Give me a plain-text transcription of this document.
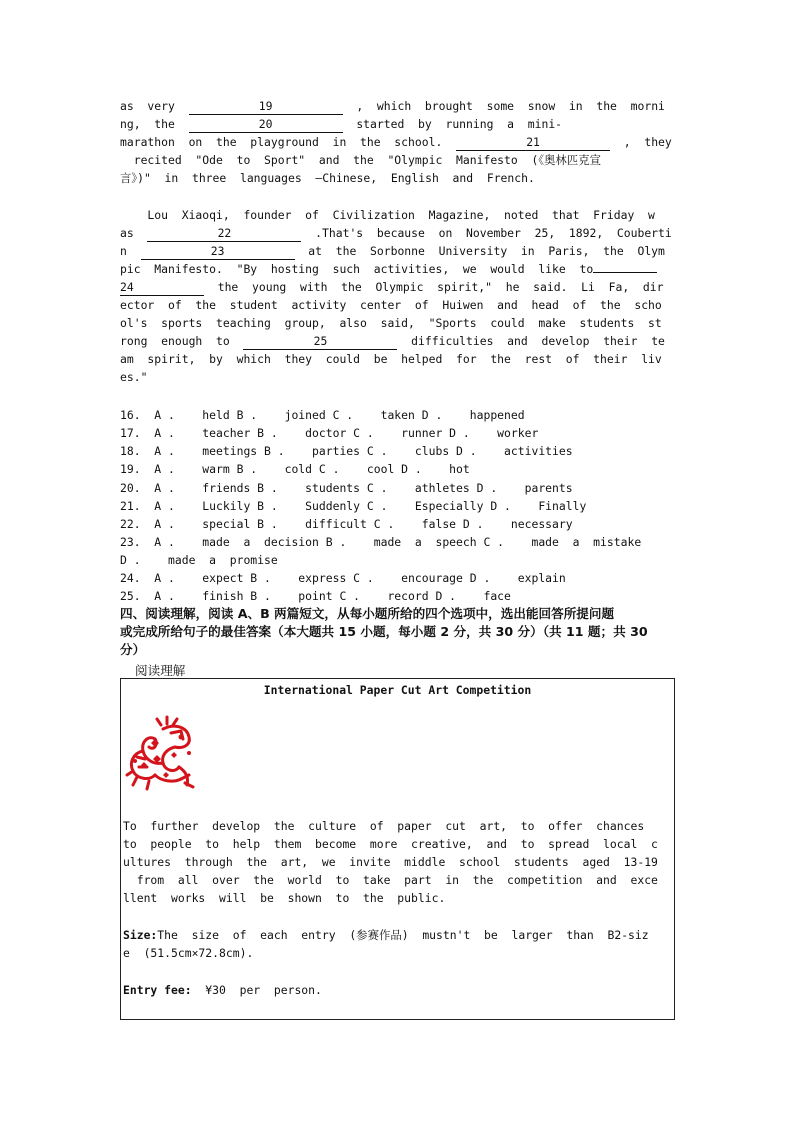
as  very	19	,  which  brought  some  snow  in  the  morni
ng,  the	20	started  by  running  a  mini-
marathon  on  the  playground  in  the  school.	21	,  they
recited  "Ode  to  Sport"  and  the  "Olympic  Manifesto  (《奥林匹克宣
言》)"  in  three  languages  —Chinese,  English  and  French.
Lou  Xiaoqi,  founder  of  Civilization  Magazine,  noted  that  Friday  w
as	22	.That's  because  on  November  25,  1892,  Couberti
n	23	at  the  Sorbonne  University  in  Paris,  the  Olym
pic  Manifesto.  "By  hosting  such  activities,  we  would  like  to
24	the  young  with  the  Olympic  spirit,"  he  said.  Li  Fa,  dir
ector  of  the  student  activity  center  of  Huiwen  and  head  of  the  scho
ol's  sports  teaching  group,  also  said,  "Sports  could  make  students  st
rong  enough  to	25	difficulties  and  develop  their  te
am  spirit,  by  which  they  could  be  helped  for  the  rest  of  their  liv
es."
16.  A .    held B .    joined C .    taken D .    happened
17.  A .    teacher B .    doctor C .    runner D .    worker
18.  A .    meetings B .    parties C .    clubs D .    activities
19.  A .    warm B .    cold C .    cool D .    hot
20.  A .    friends B .    students C .    athletes D .    parents
21.  A .    Luckily B .    Suddenly C .    Especially D .    Finally
22.  A .    special B .    difficult C .    false D .    necessary
23.  A .    made  a  decision B .    made  a  speech C .    made  a  mistake
D .    made  a  promise
24.  A .    expect B .    express C .    encourage D .    explain
25.  A .    finish B .    point C .    record D .    face
四、阅读理解，阅读 A、B 两篇短文，从每小题所给的四个选项中，选出能回答所提问题
或完成所给句子的最佳答案（本大题共 15 小题，每小题 2 分，共 30 分）（共 11 题；共 30
分）
阅读理解
International Paper Cut Art Competition
To  further  develop  the  culture  of  paper  cut  art,  to  offer  chances
to  people  to  help  them  become  more  creative,  and  to  spread  local  c
ultures  through  the  art,  we  invite  middle  school  students  aged  13-19
from  all  over  the  world  to  take  part  in  the  competition  and  exce
llent  works  will  be  shown  to  the  public.
Size:The  size  of  each  entry  (参赛作品)  mustn't  be  larger  than  B2-siz
e  (51.5cm×72.8cm).
Entry fee:  ¥30  per  person.
